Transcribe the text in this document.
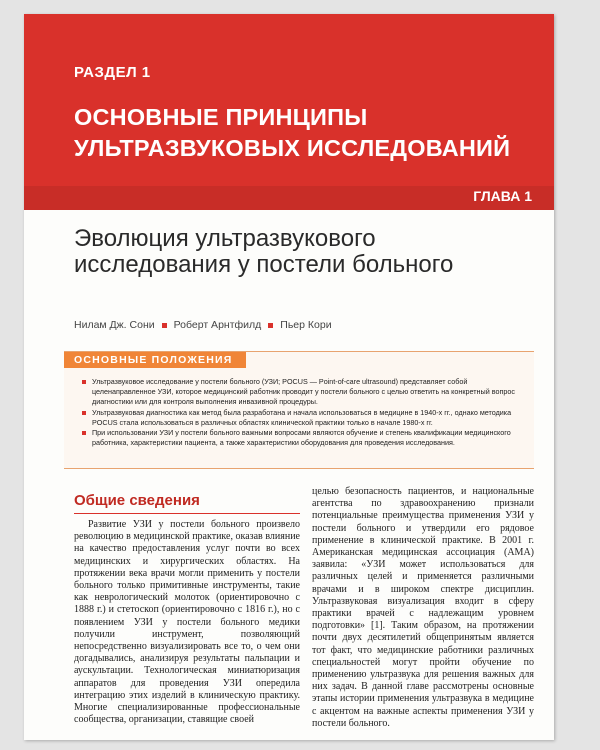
РАЗДЕЛ 1
ОСНОВНЫЕ ПРИНЦИПЫ УЛЬТРАЗВУКОВЫХ ИССЛЕДОВАНИЙ
ГЛАВА 1
Эволюция ультразвукового исследования у постели больного
Нилам Дж. Сони Роберт Арнтфилд Пьер Кори
ОСНОВНЫЕ ПОЛОЖЕНИЯ
Ультразвуковое исследование у постели больного (УЗИ; POCUS — Point-of-care ultrasound) представляет собой целенаправленное УЗИ, которое медицинский работник проводит у постели больного с целью ответить на конкретный вопрос диагностики или для контроля выполнения инвазивной процедуры.
Ультразвуковая диагностика как метод была разработана и начала использоваться в медицине в 1940-х гг., однако методика POCUS стала использоваться в различных областях клинической практики только в начале 1980-х гг.
При использовании УЗИ у постели больного важными вопросами являются обучение и степень квалификации медицинского работника, характеристики пациента, а также характеристики оборудования для проведения исследования.
Общие сведения

Развитие УЗИ у постели больного произвело революцию в медицинской практике, оказав влияние на качество предоставления услуг почти во всех медицинских и хирургических областях. На протяжении века врачи могли применить у постели больного только примитивные инструменты, такие как неврологический молоток (ориентировочно с 1888 г.) и стетоскоп (ориентировочно с 1816 г.), но с появлением УЗИ у постели больного медики получили инструмент, позволяющий непосредственно визуализировать все то, о чем они догадывались, анализируя результаты пальпации и аускультации. Технологическая миниатюризация аппаратов для проведения УЗИ опередила интеграцию этих изделий в клиническую практику. Многие специализированные профессиональные сообщества, организации, ставящие своей

целью безопасность пациентов, и национальные агентства по здравоохранению признали потенциальные преимущества применения УЗИ у постели больного и утвердили его рядовое применение в клинической практике. В 2001 г. Американская медицинская ассоциация (AMA) заявила: «УЗИ может использоваться для различных целей и применяется различными врачами и в широком спектре дисциплин. Ультразвуковая визуализация входит в сферу практики врачей с надлежащим уровнем подготовки» [1]. Таким образом, на протяжении почти двух десятилетий общепринятым является тот факт, что медицинские работники различных специальностей могут пройти обучение по применению ультразвука для решения важных для них задач. В данной главе рассмотрены основные этапы истории применения ультразвука в медицине с акцентом на важные аспекты применения УЗИ у постели больного.
